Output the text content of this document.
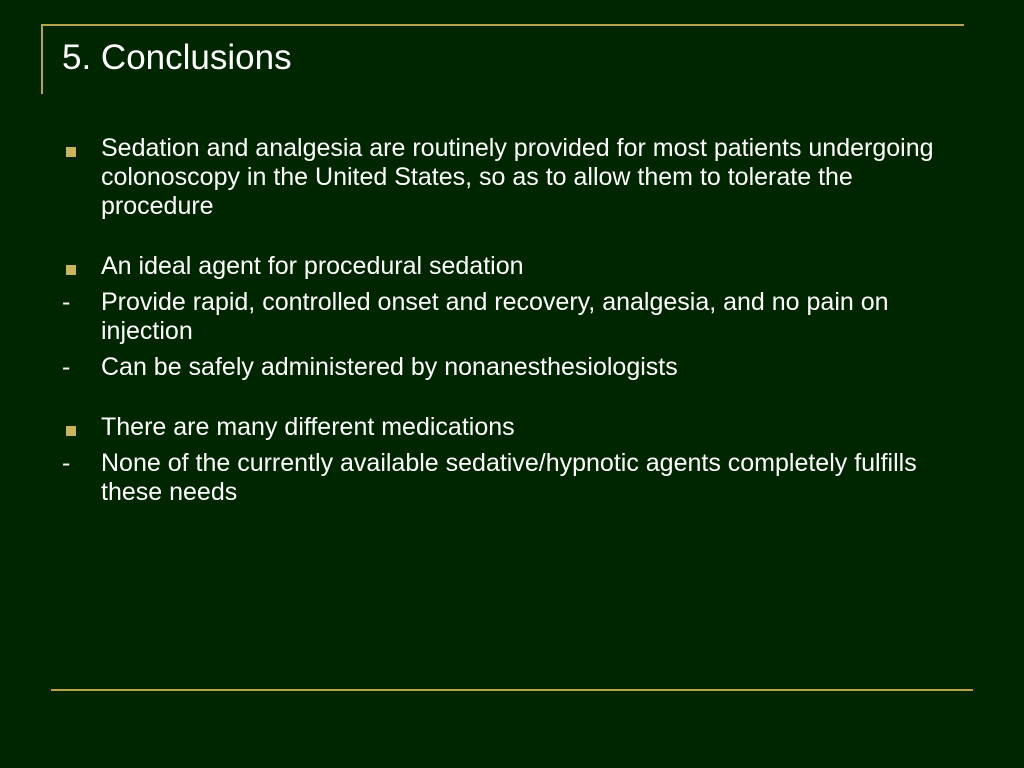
5. Conclusions
Sedation and analgesia are routinely provided for most patients undergoing colonoscopy in the United States, so as to allow them to tolerate the procedure
An ideal agent for procedural sedation
-
Provide rapid, controlled onset and recovery, analgesia, and no pain on injection
-
Can be safely administered by nonanesthesiologists
There are many different medications
-
None of the currently available sedative/hypnotic agents completely fulfills these needs
